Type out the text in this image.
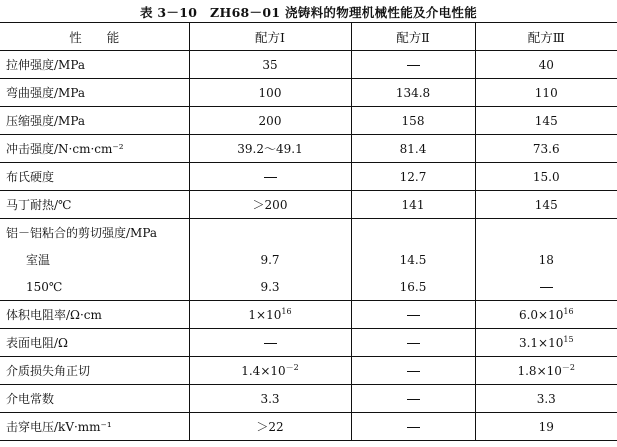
表 3－10　ZH68－01 浇铸料的物理机械性能及介电性能
性　　能	配方Ⅰ	配方Ⅱ	配方Ⅲ
拉伸强度/MPa	35		40
弯曲强度/MPa	100	134.8	110
压缩强度/MPa	200	158	145
冲击强度/N·cm·cm⁻²	39.2～49.1	81.4	73.6
布氏硬度		12.7	15.0
马丁耐热/℃	＞200	141	145
铝－铝粘合的剪切强度/MPa			
室温	9.7	14.5	18
150℃	9.3	16.5	
体积电阻率/Ω·cm	$1\times 10^{16}$		$6.0\times 10^{16}$
表面电阻/Ω			$3.1\times 10^{15}$
介质损失角正切	$1.4\times 10^{-2}$		$1.8\times 10^{-2}$
介电常数	3.3		3.3
击穿电压/kV·mm⁻¹	＞22		19
